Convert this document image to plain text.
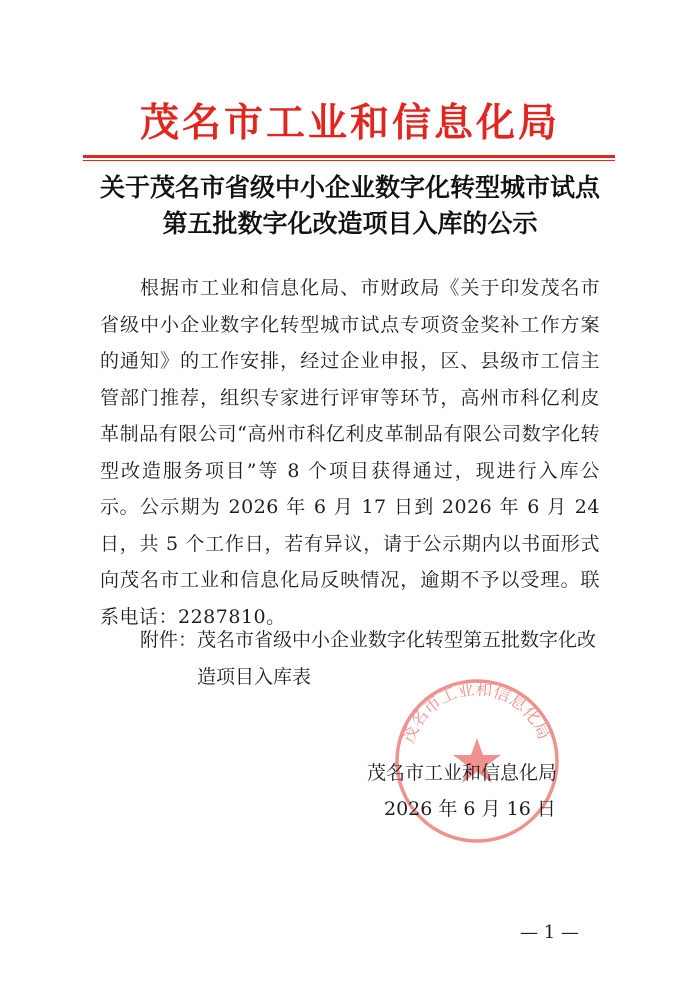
茂名市工业和信息化局
关于茂名市省级中小企业数字化转型城市试点
第五批数字化改造项目入库的公示
根据市工业和信息化局、市财政局《关于印发茂名市省级中小企业数字化转型城市试点专项资金奖补工作方案的通知》的工作安排，经过企业申报，区、县级市工信主管部门推荐，组织专家进行评审等环节，高州市科亿利皮革制品有限公司“高州市科亿利皮革制品有限公司数字化转型改造服务项目”等 8 个项目获得通过，现进行入库公示。 公示期为 2026 年 6 月 17 日到 2026 年 6 月 24 日，共 5 个工作日，若有异议，请于公示期内以书面形式向茂名市工业和信息化局反映情况，逾期不予以受理。联系电话：2287810。
附件： 茂名市省级中小企业数字化转型第五批数字化改造项目入库表
茂名市工业和信息化局
茂名市工业和信息化局
2026 年 6 月 16 日
— 1 —
